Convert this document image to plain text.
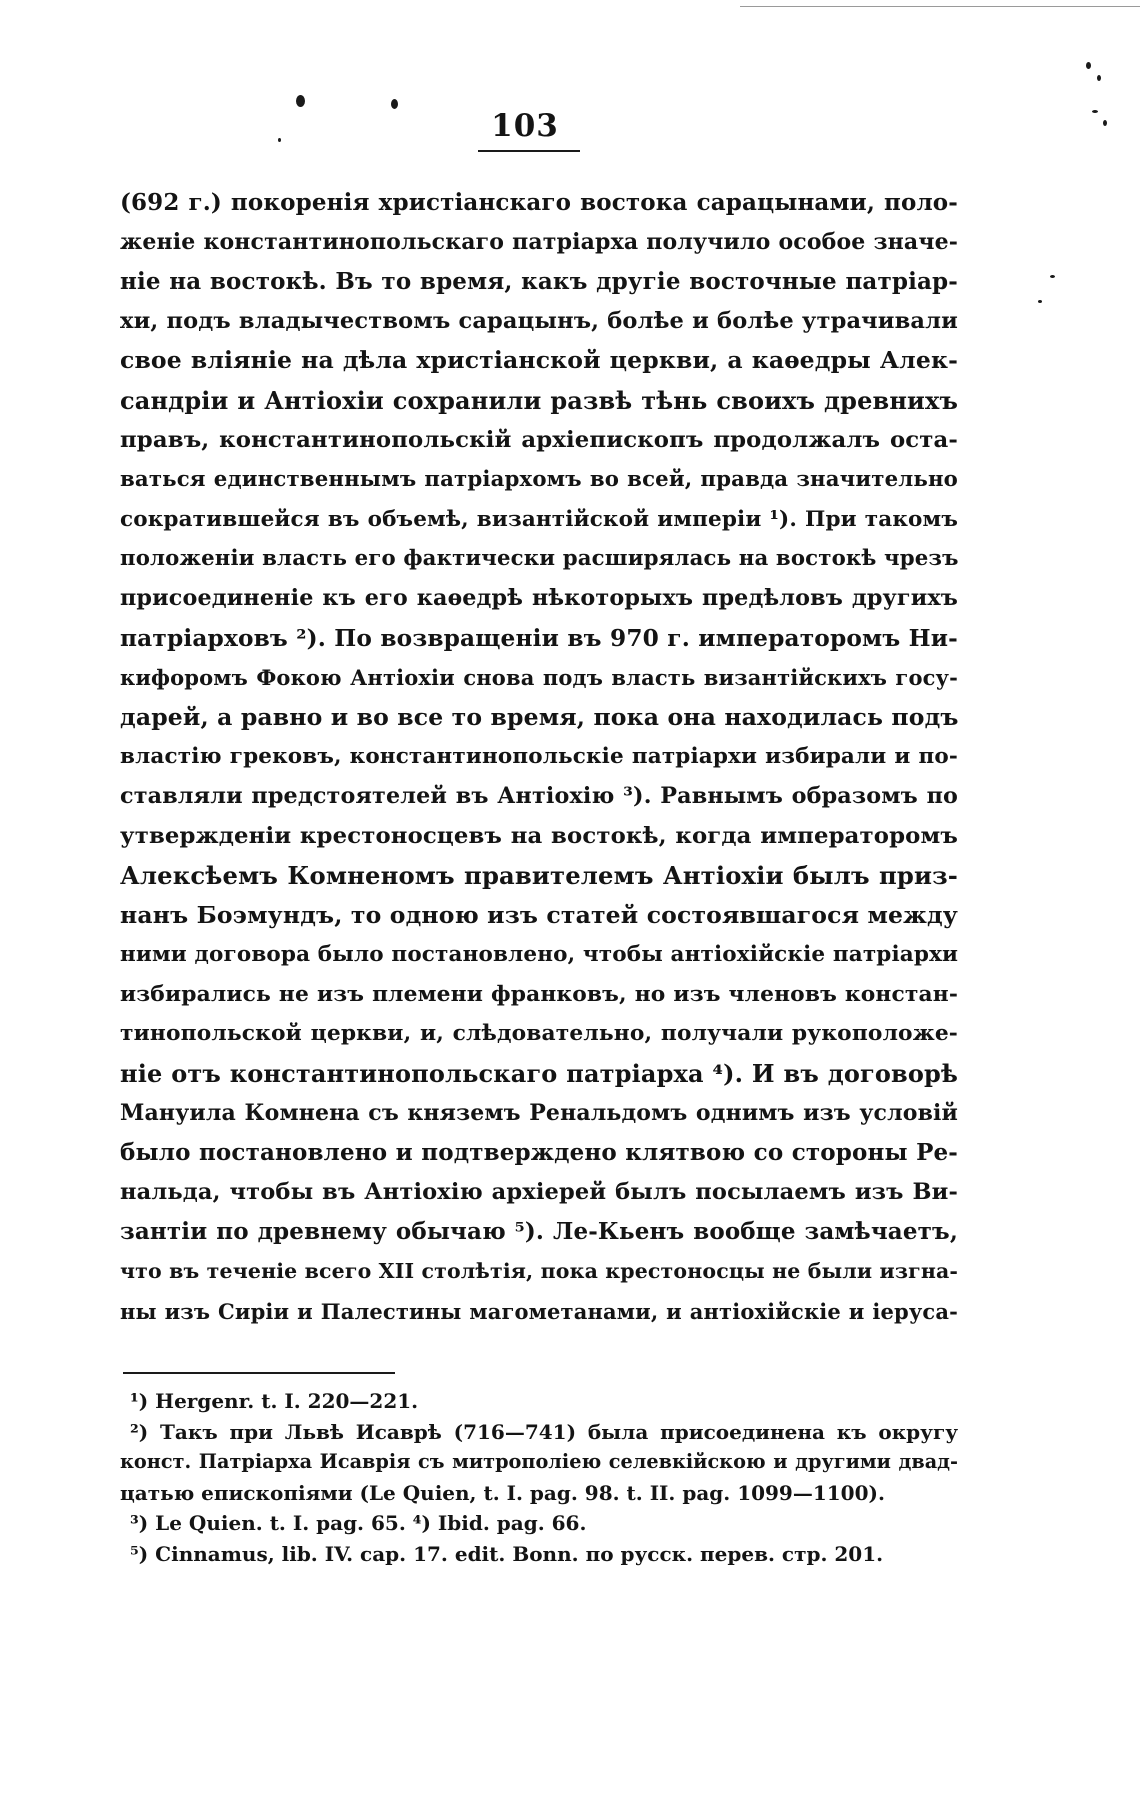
103
(692 г.) покоренія христіанскаго востока сарацынами, поло-
женіе константинопольскаго патріарха получило особое значе-
ніе на востокѣ. Въ то время, какъ другіе восточные патріар-
хи, подъ владычествомъ сарацынъ, болѣе и болѣе утрачивали
свое вліяніе на дѣла христіанской церкви, а каѳедры Алек-
сандріи и Антіохіи сохранили развѣ тѣнь своихъ древнихъ
правъ, константинопольскій архіепископъ продолжалъ оста-
ваться единственнымъ патріархомъ во всей, правда значительно
сократившейся въ объемѣ, византійской имперіи ¹). При такомъ
положеніи власть его фактически расширялась на востокѣ чрезъ
присоединеніе къ его каѳедрѣ нѣкоторыхъ предѣловъ другихъ
патріарховъ ²). По возвращеніи въ 970 г. императоромъ Ни-
кифоромъ Фокою Антіохіи снова подъ власть византійскихъ госу-
дарей, а равно и во все то время, пока она находилась подъ
властію грековъ, константинопольскіе патріархи избирали и по-
ставляли предстоятелей въ Антіохію ³). Равнымъ образомъ по
утвержденіи крестоносцевъ на востокѣ, когда императоромъ
Алексѣемъ Комненомъ правителемъ Антіохіи былъ приз-
нанъ Боэмундъ, то одною изъ статей состоявшагося между
ними договора было постановлено, чтобы антіохійскіе патріархи
избирались не изъ племени франковъ, но изъ членовъ констан-
тинопольской церкви, и, слѣдовательно, получали рукоположе-
ніе отъ константинопольскаго патріарха ⁴). И въ договорѣ
Мануила Комнена съ княземъ Ренальдомъ однимъ изъ условій
было постановлено и подтверждено клятвою со стороны Ре-
нальда, чтобы въ Антіохію архіерей былъ посылаемъ изъ Ви-
зантіи по древнему обычаю ⁵). Ле-Кьенъ вообще замѣчаетъ,
что въ теченіе всего XII столѣтія, пока крестоносцы не были изгна-
ны изъ Сиріи и Палестины магометанами, и антіохійскіе и іеруса-
¹) Hergenr. t. I. 220—221.
²) Такъ при Львѣ Исаврѣ (716—741) была присоединена къ округу
конст. Патріарха Исаврія съ митрополіею селевкійскою и другими двад-
цатью епископіями (Le Quien, t. I. pag. 98. t. II. pag. 1099—1100).
³) Le Quien. t. I. pag. 65. ⁴) Ibid. pag. 66.
⁵) Cinnamus, lib. IV. cap. 17. edit. Bonn. по русск. перев. стр. 201.
